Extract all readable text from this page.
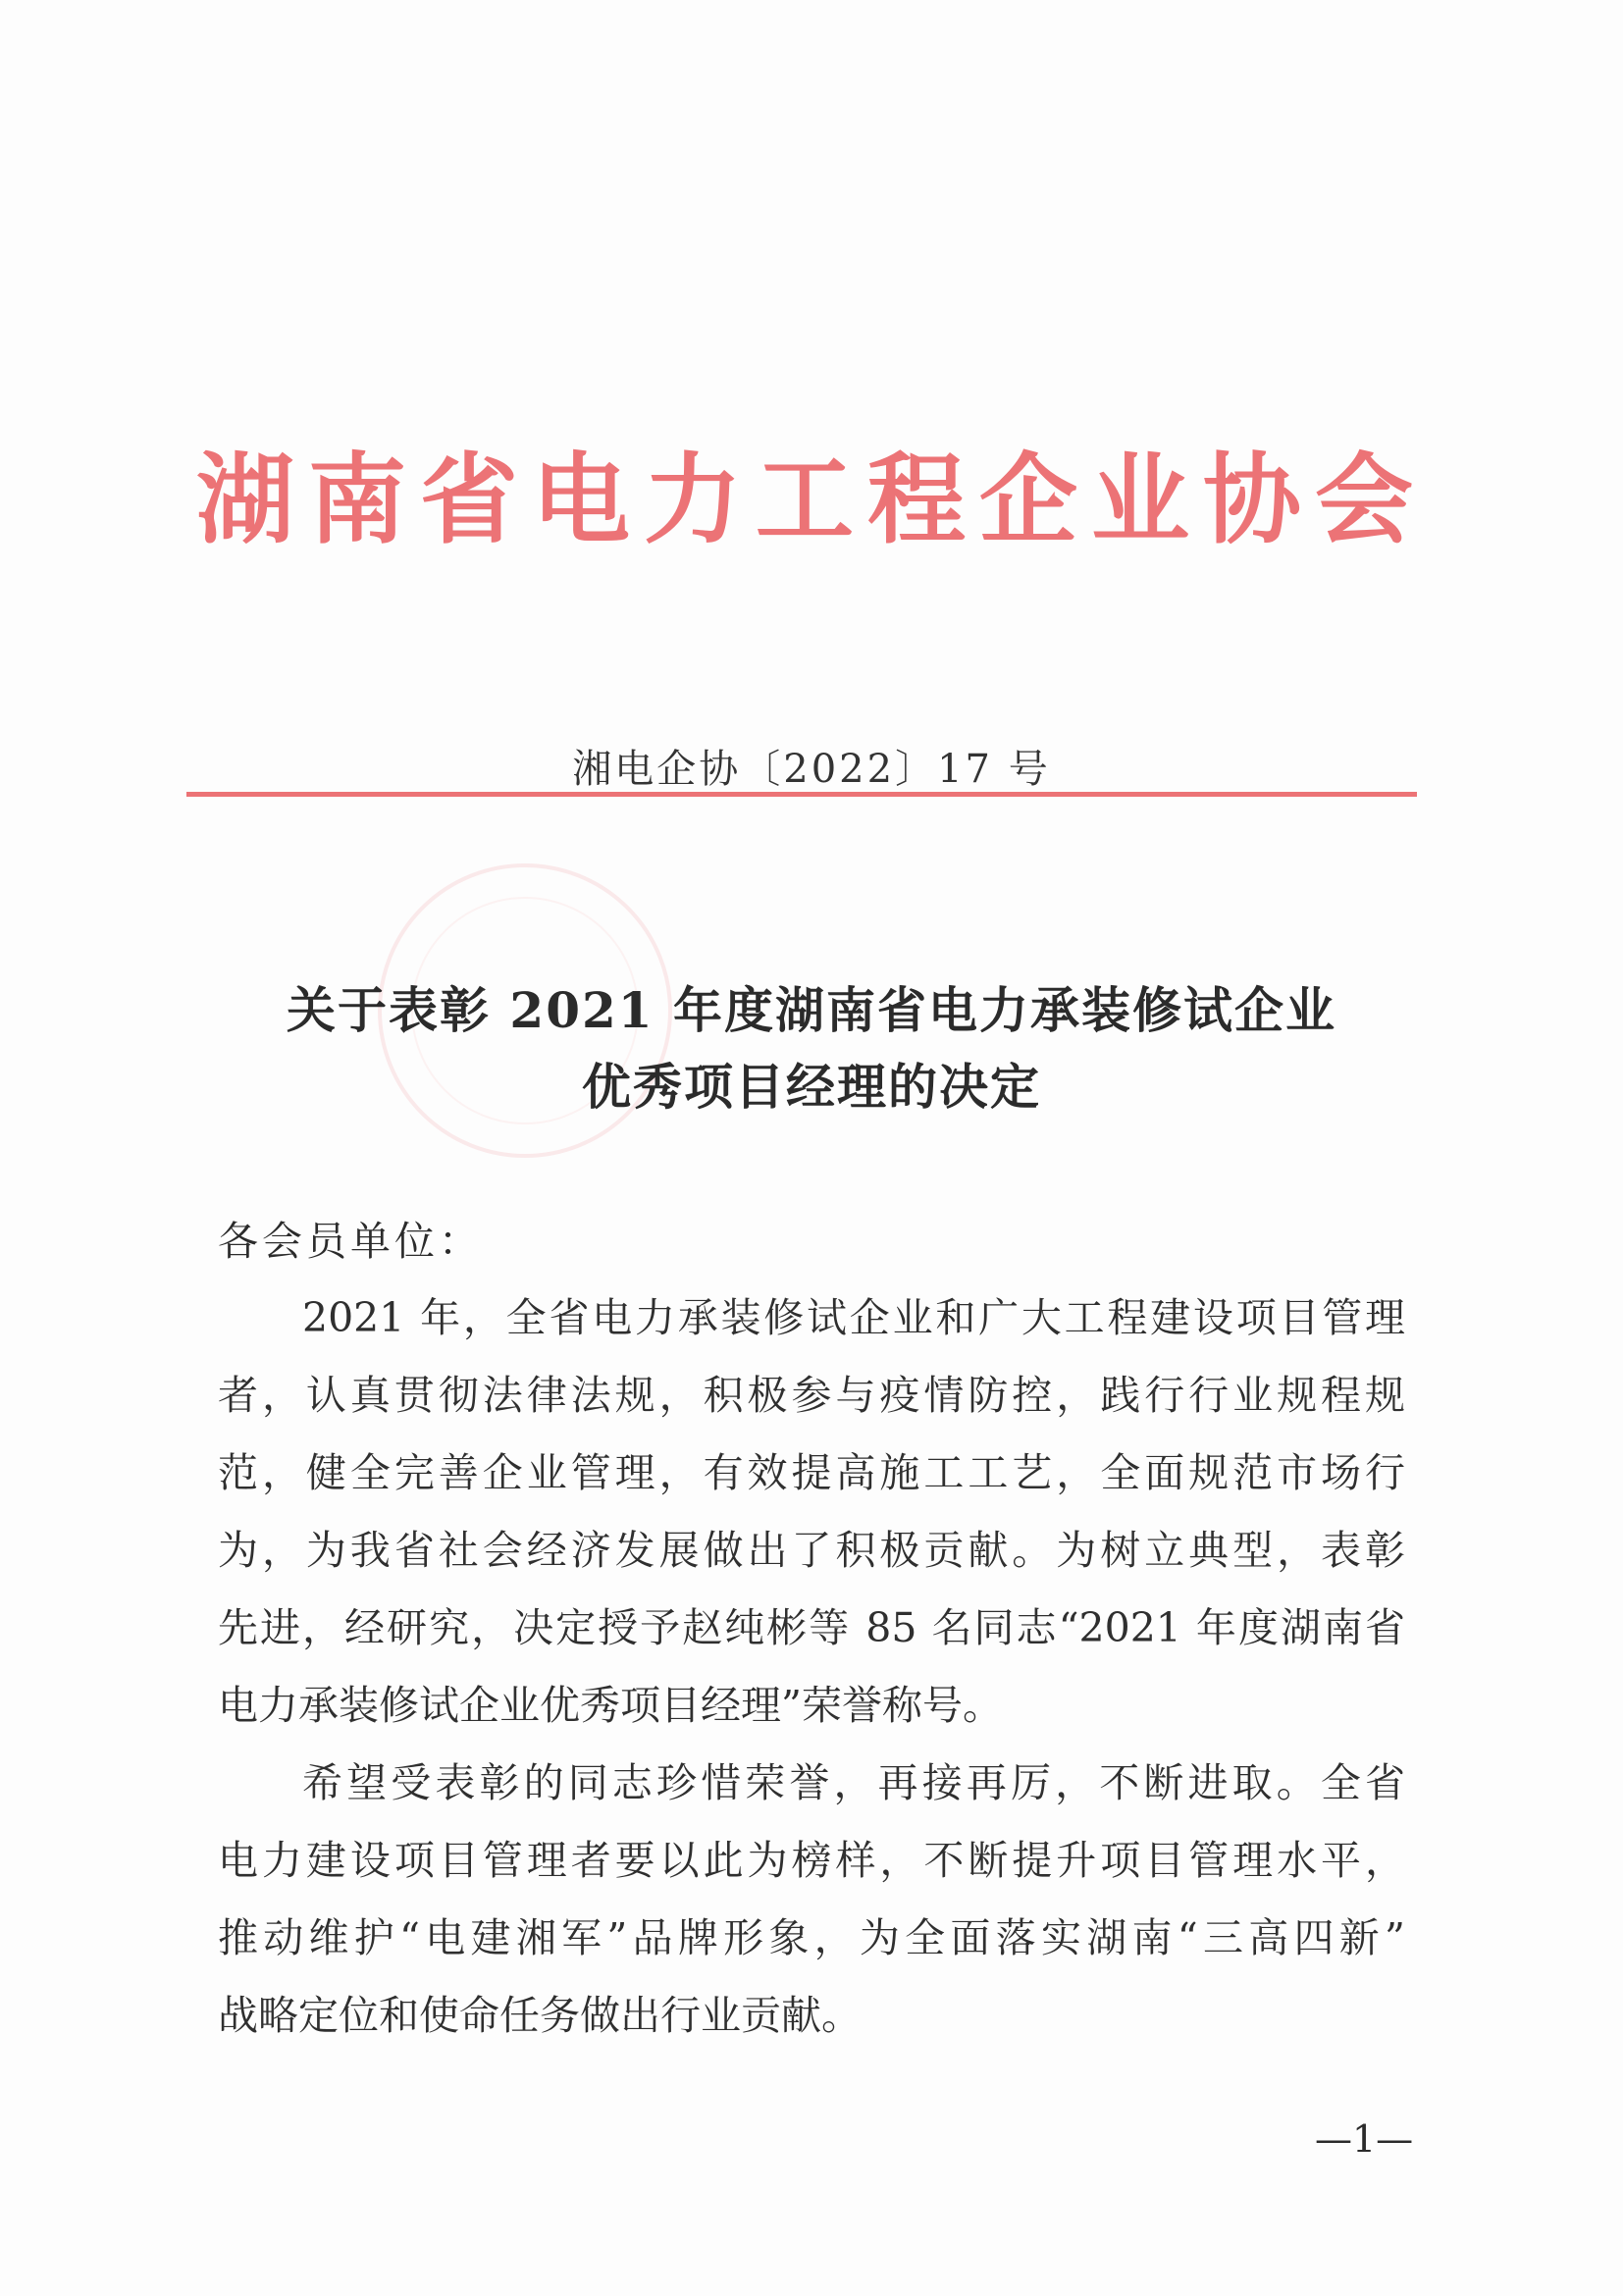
湖南省电力工程企业协会
湘电企协〔2022〕17 号
关于表彰 2021 年度湖南省电力承装修试企业
优秀项目经理的决定
各会员单位：
2021 年，全省电力承装修试企业和广大工程建设项目管理
者，认真贯彻法律法规，积极参与疫情防控，践行行业规程规
范，健全完善企业管理，有效提高施工工艺，全面规范市场行
为，为我省社会经济发展做出了积极贡献。为树立典型，表彰
先进，经研究，决定授予赵纯彬等 85 名同志“2021 年度湖南省
电力承装修试企业优秀项目经理”荣誉称号。
希望受表彰的同志珍惜荣誉，再接再厉，不断进取。全省
电力建设项目管理者要以此为榜样，不断提升项目管理水平，
推动维护“电建湘军”品牌形象，为全面落实湖南“三高四新”
战略定位和使命任务做出行业贡献。
—1—
